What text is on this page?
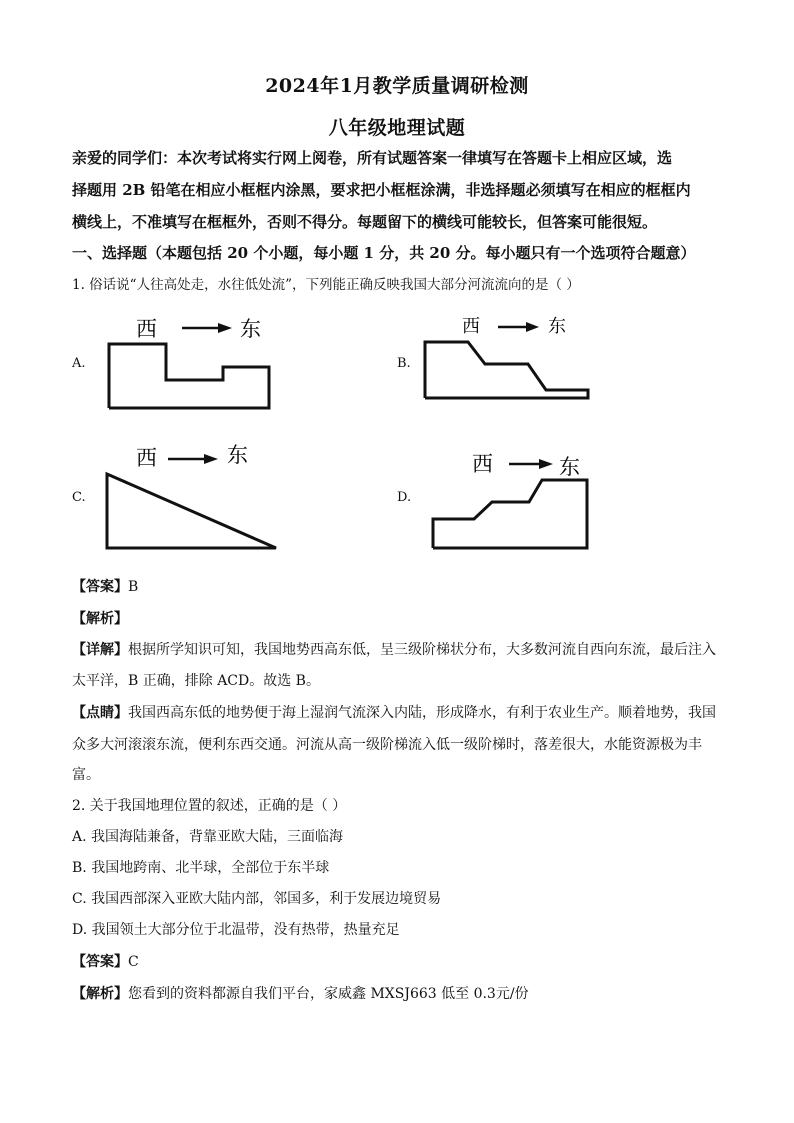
2024年1月教学质量调研检测
八年级地理试题
亲爱的同学们：本次考试将实行网上阅卷，所有试题答案一律填写在答题卡上相应区域，选
择题用 2B 铅笔在相应小框框内涂黑，要求把小框框涂满，非选择题必须填写在相应的框框内
横线上，不准填写在框框外，否则不得分。每题留下的横线可能较长，但答案可能很短。
一、选择题（本题包括 20 个小题，每小题 1 分，共 20 分。每小题只有一个选项符合题意）
1. 俗话说“人往高处走，水往低处流”，下列能正确反映我国大部分河流流向的是（ ）
A.
西	东
B.
西	东
C.
西	东
D.
西	东
【答案】B
【解析】
【详解】根据所学知识可知，我国地势西高东低，呈三级阶梯状分布，大多数河流自西向东流，最后注入
太平洋，B 正确，排除 ACD。故选 B。
【点睛】我国西高东低的地势便于海上湿润气流深入内陆，形成降水，有利于农业生产。顺着地势，我国
众多大河滚滚东流，便利东西交通。河流从高一级阶梯流入低一级阶梯时，落差很大，水能资源极为丰
富。
2. 关于我国地理位置的叙述，正确的是（ ）
A. 我国海陆兼备，背靠亚欧大陆，三面临海
B. 我国地跨南、北半球，全部位于东半球
C. 我国西部深入亚欧大陆内部，邻国多，利于发展边境贸易
D. 我国领土大部分位于北温带，没有热带，热量充足
【答案】C
【解析】您看到的资料都源自我们平台，家威鑫 MXSJ663 低至 0.3元/份
